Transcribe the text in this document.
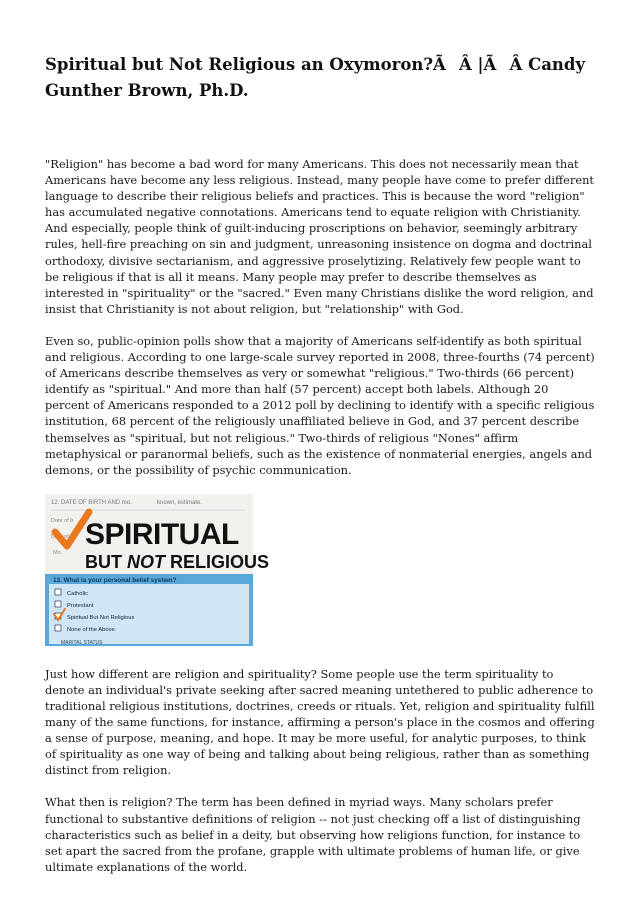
Spiritual but Not Religious an Oxymoron?ÃÂ |ÃÂ Candy Gunther Brown, Ph.D.

"Religion" has become a bad word for many Americans. This does not necessarily mean that Americans have become any less religious. Instead, many people have come to prefer different language to describe their religious beliefs and practices. This is because the word "religion" has accumulated negative connotations. Americans tend to equate religion with Christianity. And especially, people think of guilt-inducing proscriptions on behavior, seemingly arbitrary rules, hell-fire preaching on sin and judgment, unreasoning insistence on dogma and doctrinal orthodoxy, divisive sectarianism, and aggressive proselytizing. Relatively few people want to be religious if that is all it means. Many people may prefer to describe themselves as interested in "spirituality" or the "sacred." Even many Christians dislike the word religion, and insist that Christianity is not about religion, but "relationship" with God.

Even so, public-opinion polls show that a majority of Americans self-identify as both spiritual and religious. According to one large-scale survey reported in 2008, three-fourths (74 percent) of Americans describe themselves as very or somewhat "religious." Two-thirds (66 percent) identify as "spiritual." And more than half (57 percent) accept both labels. Although 20 percent of Americans responded to a 2012 poll by declining to identify with a specific religious institution, 68 percent of the religiously unaffiliated believe in God, and 37 percent describe themselves as "spiritual, but not religious." Two-thirds of religious "Nones" affirm metaphysical or paranormal beliefs, such as the existence of nonmaterial energies, angels and demons, or the possibility of psychic communication.

12. DATE OF BIRTH AND mo.	known, estimate.
Date of b
Date of bi
Mo.
SPIRITUAL
BUT NOT RELIGIOUS
13. What is your personal belief system?
Catholic
Protestant
Spiritual But Not Religious
None of the Above.
MARITAL STATUS

Just how different are religion and spirituality? Some people use the term spirituality to denote an individual's private seeking after sacred meaning untethered to public adherence to traditional religious institutions, doctrines, creeds or rituals. Yet, religion and spirituality fulfill many of the same functions, for instance, affirming a person's place in the cosmos and offering a sense of purpose, meaning, and hope. It may be more useful, for analytic purposes, to think of spirituality as one way of being and talking about being religious, rather than as something distinct from religion.

What then is religion? The term has been defined in myriad ways. Many scholars prefer functional to substantive definitions of religion -- not just checking off a list of distinguishing characteristics such as belief in a deity, but observing how religions function, for instance to set apart the sacred from the profane, grapple with ultimate problems of human life, or give ultimate explanations of the world.
